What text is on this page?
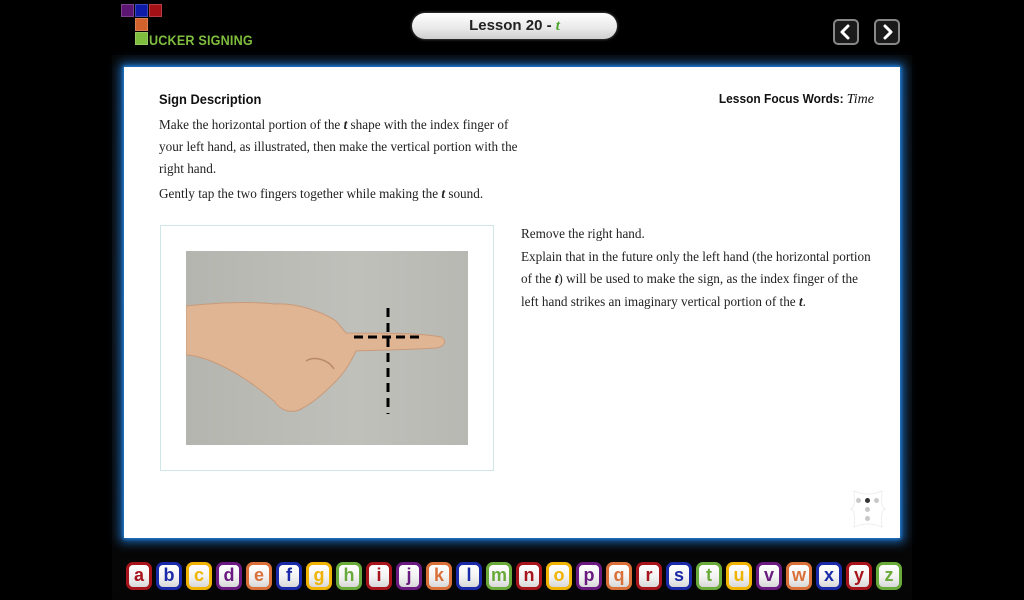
UCKER SIGNING
Lesson 20 - t
Sign Description	Lesson Focus Words: Time

Make the horizontal portion of the t shape with the index finger of your left hand, as illustrated, then make the vertical portion with the right hand.

Gently tap the two fingers together while making the t sound.

Remove the right hand.

Explain that in the future only the left hand (the horizontal portion of the t) will be used to make the sign, as the index finger of the left hand strikes an imaginary vertical portion of the t.

a	b	c	d	e	f	g	h	i	j	k	l	m n	o	p	q	r	s	t	u	v w x	y	z
